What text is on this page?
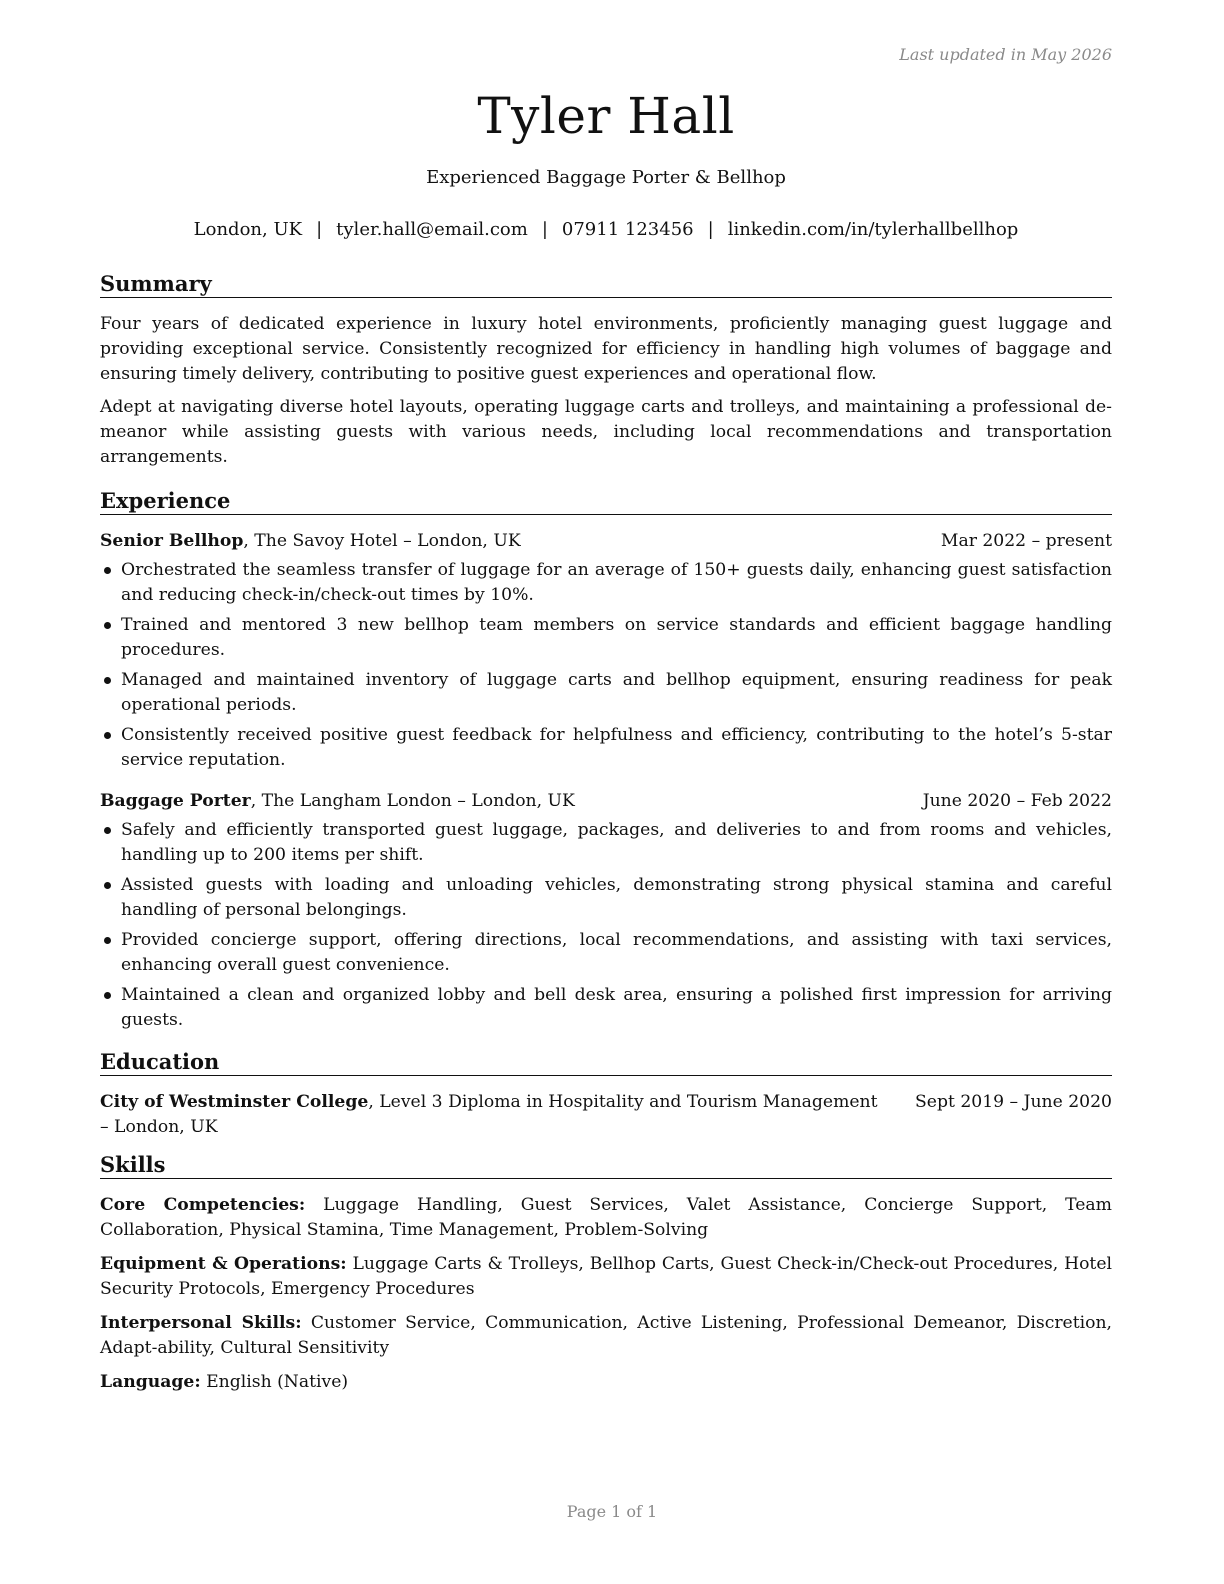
Last updated in May 2026
Tyler Hall
Experienced Baggage Porter & Bellhop
London, UK | tyler.hall@email.com | 07911 123456 | linkedin.com/in/tylerhallbellhop
Summary

Four years of dedicated experience in luxury hotel environments, proficiently managing guest luggage and providing exceptional service. Consistently recognized for efficiency in handling high volumes of baggage and ensuring timely delivery, contributing to positive guest experiences and operational flow.

Adept at navigating diverse hotel layouts, operating luggage carts and trolleys, and maintaining a professional de-meanor while assisting guests with various needs, including local recommendations and transportation arrangements.

Experience
Senior Bellhop, The Savoy Hotel – London, UK	Mar 2022 – present
Orchestrated the seamless transfer of luggage for an average of 150+ guests daily, enhancing guest satisfaction and reducing check-in/check-out times by 10%.
Trained and mentored 3 new bellhop team members on service standards and efficient baggage handling procedures.
Managed and maintained inventory of luggage carts and bellhop equipment, ensuring readiness for peak operational periods.
Consistently received positive guest feedback for helpfulness and efficiency, contributing to the hotel’s 5-star service reputation.
Baggage Porter, The Langham London – London, UK	June 2020 – Feb 2022
Safely and efficiently transported guest luggage, packages, and deliveries to and from rooms and vehicles, handling up to 200 items per shift.
Assisted guests with loading and unloading vehicles, demonstrating strong physical stamina and careful handling of personal belongings.
Provided concierge support, offering directions, local recommendations, and assisting with taxi services, enhancing overall guest convenience.
Maintained a clean and organized lobby and bell desk area, ensuring a polished first impression for arriving guests.
Education
City of Westminster College, Level 3 Diploma in Hospitality and Tourism Management – London, UK
Sept 2019 – June 2020
Skills

Core Competencies: Luggage Handling, Guest Services, Valet Assistance, Concierge Support, Team Collaboration, Physical Stamina, Time Management, Problem-Solving

Equipment & Operations: Luggage Carts & Trolleys, Bellhop Carts, Guest Check-in/Check-out Procedures, Hotel Security Protocols, Emergency Procedures

Interpersonal Skills: Customer Service, Communication, Active Listening, Professional Demeanor, Discretion, Adapt-ability, Cultural Sensitivity

Language: English (Native)

Page 1 of 1
